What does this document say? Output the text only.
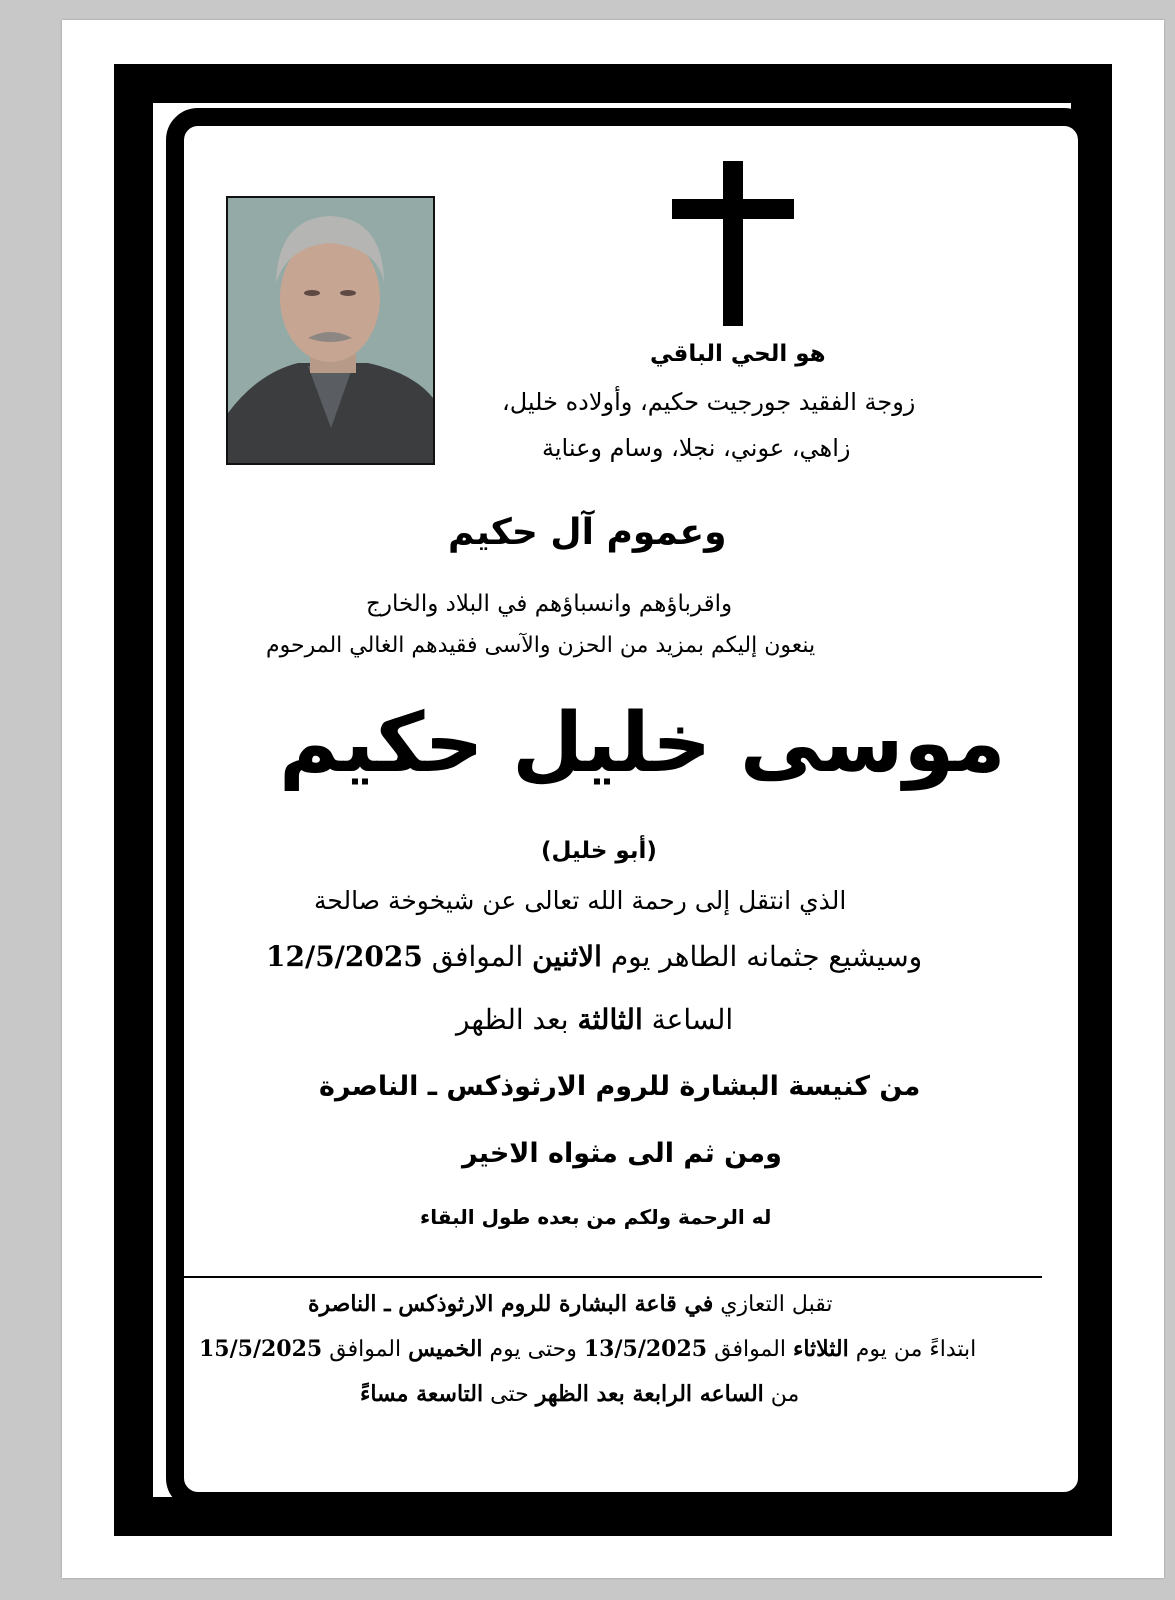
هو الحي الباقي
زوجة الفقيد جورجيت حكيم، وأولاده خليل،
زاهي، عوني، نجلا، وسام وعناية
وعموم آل حكيم
واقرباؤهم وانسباؤهم في البلاد والخارج
ينعون إليكم بمزيد من الحزن والآسى فقيدهم الغالي المرحوم
موسى خليل حكيم
(أبو خليل)
الذي انتقل إلى رحمة الله تعالى عن شيخوخة صالحة
وسيشيع جثمانه الطاهر يوم الاثنين الموافق 12/5/2025
الساعة الثالثة بعد الظهر
من كنيسة البشارة للروم الارثوذكس ـ الناصرة
ومن ثم الى مثواه الاخير
له الرحمة ولكم من بعده طول البقاء
تقبل التعازي في قاعة البشارة للروم الارثوذكس ـ الناصرة
ابتداءً من يوم الثلاثاء الموافق 13/5/2025 وحتى يوم الخميس الموافق 15/5/2025
من الساعه الرابعة بعد الظهر حتى التاسعة مساءً
